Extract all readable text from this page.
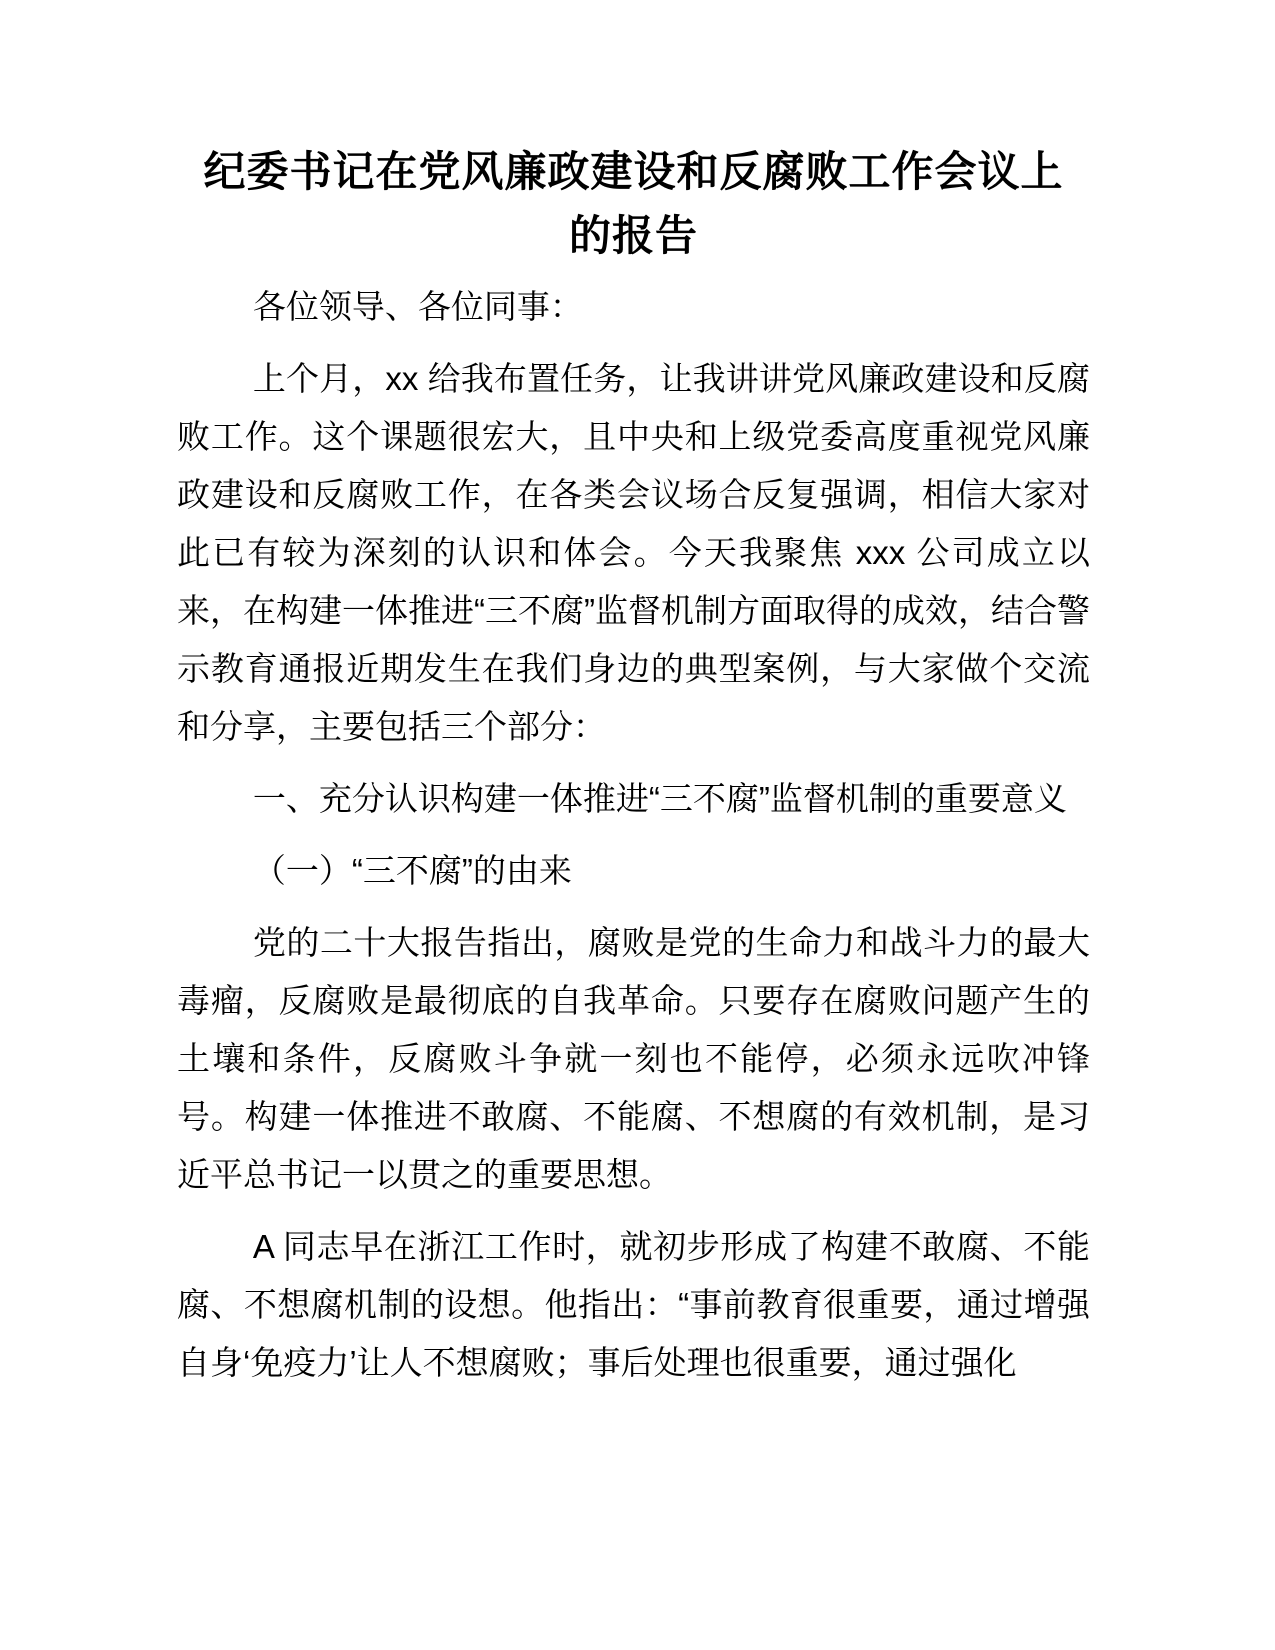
纪委书记在党风廉政建设和反腐败工作会议上
的报告

各位领导、各位同事：

上个月，xx 给我布置任务，让我讲讲党风廉政建设和反腐败工作。这个课题很宏大，且中央和上级党委高度重视党风廉政建设和反腐败工作，在各类会议场合反复强调，相信大家对此已有较为深刻的认识和体会。今天我聚焦 xxx 公司成立以来，在构建一体推进“三不腐”监督机制方面取得的成效，结合警示教育通报近期发生在我们身边的典型案例，与大家做个交流和分享，主要包括三个部分：

一、充分认识构建一体推进“三不腐”监督机制的重要意义

（一）“三不腐”的由来

党的二十大报告指出，腐败是党的生命力和战斗力的最大毒瘤，反腐败是最彻底的自我革命。只要存在腐败问题产生的土壤和条件，反腐败斗争就一刻也不能停，必须永远吹冲锋号。构建一体推进不敢腐、不能腐、不想腐的有效机制，是习近平总书记一以贯之的重要思想。

A 同志早在浙江工作时，就初步形成了构建不敢腐、不能腐、不想腐机制的设想。他指出：“事前教育很重要，通过增强自身‘免疫力’让人不想腐败；事后处理也很重要，通过强化
